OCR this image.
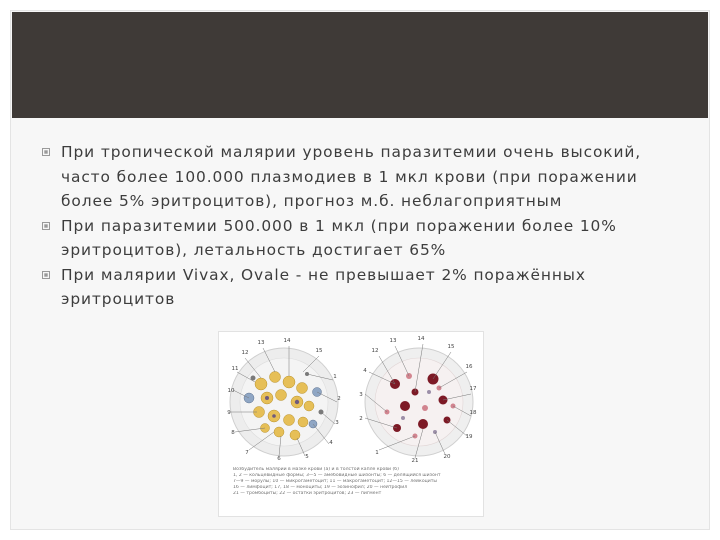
При тропической малярии уровень паразитемии очень высокий, часто более 100.000 плазмодиев в 1 мкл крови (при поражении более 5% эритроцитов), прогноз м.б. неблагоприятным

При паразитемии 500.000 в 1 мкл (при поражении более 10% эритроцитов), летальность достигает 65%

При малярии Vivax, Ovale - не превышает 2% поражённых эритроцитов

12
13	14
15
1
2
3
4
5
6
7
8
9
10
11
12
13	14
15
16
17
18
19
20
21
1
2
3
4
Возбудитель малярии в мазке крови (а) и в толстой капле крови (б)
1, 2 — кольцевидные формы; 3—5 — амебовидные шизонты; 6 — делящийся шизонт
7—9 — морулы; 10 — микрогаметоцит; 11 — макрогаметоцит; 12—15 — лейкоциты
16 — лимфоцит; 17, 18 — моноциты; 19 — эозинофил; 20 — нейтрофил
21 — тромбоциты; 22 — остатки эритроцитов; 23 — пигмент
